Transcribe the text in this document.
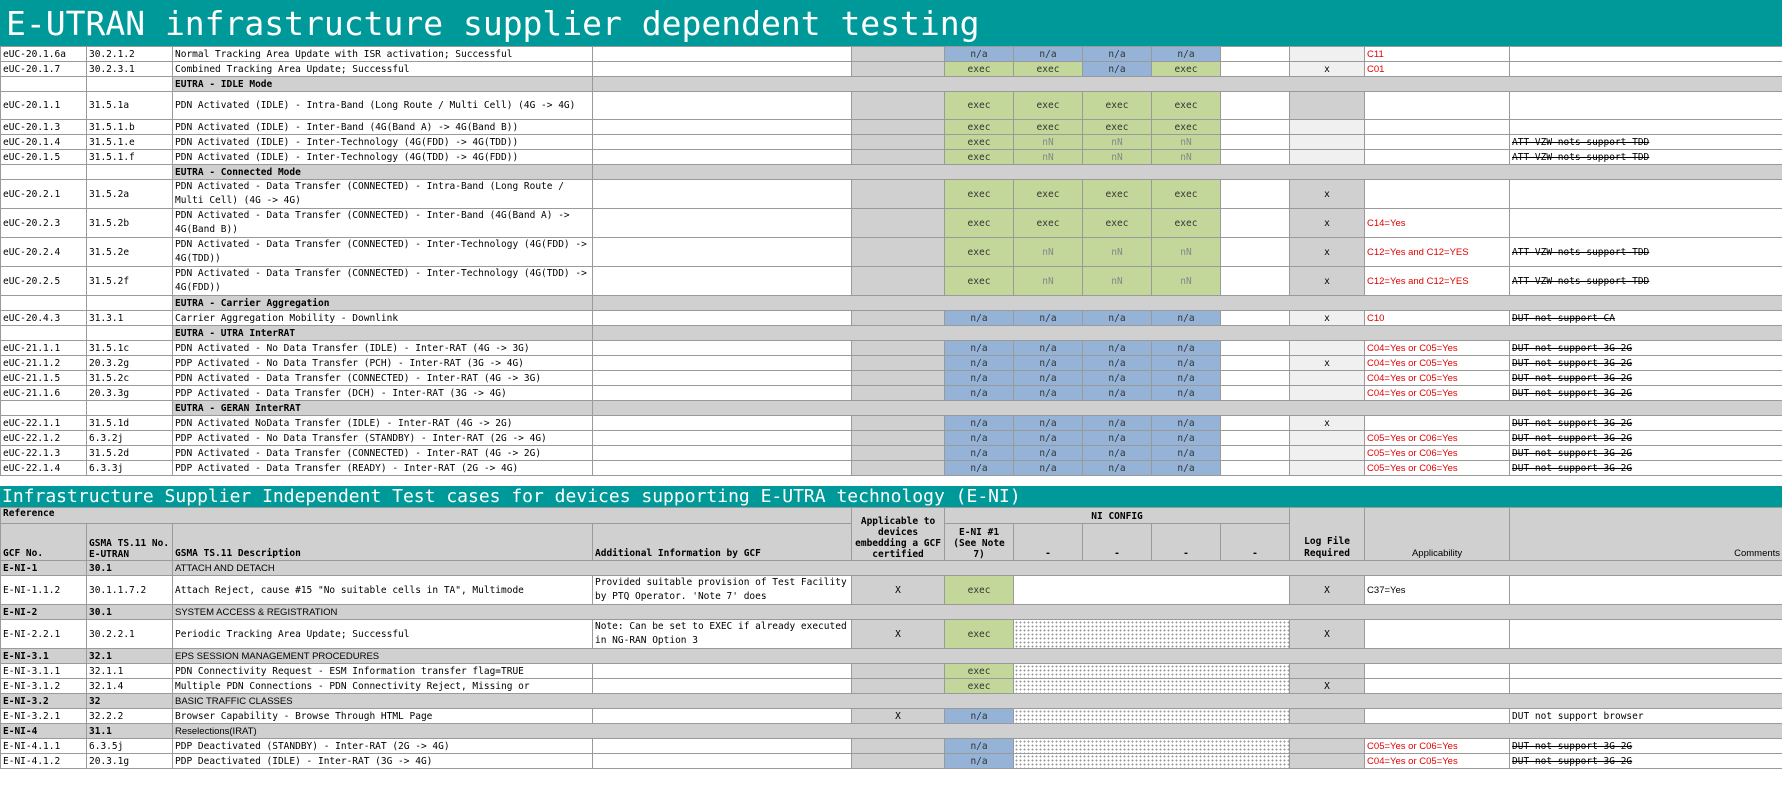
E-UTRAN infrastructure supplier dependent testing
eUC-20.1.6a	30.2.1.2	Normal Tracking Area Update with ISR activation; Successful			n/a	n/a	n/a	n/a			C11	
eUC-20.1.7	30.2.3.1	Combined Tracking Area Update; Successful			exec	exec	n/a	exec		x	C01	
		EUTRA - IDLE Mode										
eUC-20.1.1	31.5.1a	PDN Activated (IDLE) - Intra-Band (Long Route / Multi Cell) (4G -> 4G)			exec	exec	exec	exec				
eUC-20.1.3	31.5.1.b	PDN Activated (IDLE) - Inter-Band (4G(Band A) -> 4G(Band B))			exec	exec	exec	exec				
eUC-20.1.4	31.5.1.e	PDN Activated (IDLE) - Inter-Technology (4G(FDD) -> 4G(TDD))			exec	nN	nN	nN				ATT VZW nots support TDD
eUC-20.1.5	31.5.1.f	PDN Activated (IDLE) - Inter-Technology (4G(TDD) -> 4G(FDD))			exec	nN	nN	nN				ATT VZW nots support TDD
		EUTRA - Connected Mode										
eUC-20.2.1	31.5.2a	PDN Activated - Data Transfer (CONNECTED) - Intra-Band (Long Route / Multi Cell) (4G -> 4G)			exec	exec	exec	exec		x		
eUC-20.2.3	31.5.2b	PDN Activated - Data Transfer (CONNECTED) - Inter-Band (4G(Band A) -> 4G(Band B))			exec	exec	exec	exec		x	C14=Yes	
eUC-20.2.4	31.5.2e	PDN Activated - Data Transfer (CONNECTED) - Inter-Technology (4G(FDD) -> 4G(TDD))			exec	nN	nN	nN		x	C12=Yes and C12=YES	ATT VZW nots support TDD
eUC-20.2.5	31.5.2f	PDN Activated - Data Transfer (CONNECTED) - Inter-Technology (4G(TDD) -> 4G(FDD))			exec	nN	nN	nN		x	C12=Yes and C12=YES	ATT VZW nots support TDD
		EUTRA - Carrier Aggregation										
eUC-20.4.3	31.3.1	Carrier Aggregation Mobility - Downlink			n/a	n/a	n/a	n/a		x	C10	DUT not support CA
		EUTRA - UTRA InterRAT										
eUC-21.1.1	31.5.1c	PDN Activated - No Data Transfer (IDLE) - Inter-RAT (4G -> 3G)			n/a	n/a	n/a	n/a			C04=Yes or C05=Yes	DUT not support 3G 2G
eUC-21.1.2	20.3.2g	PDP Activated - No Data Transfer (PCH) - Inter-RAT (3G -> 4G)			n/a	n/a	n/a	n/a		x	C04=Yes or C05=Yes	DUT not support 3G 2G
eUC-21.1.5	31.5.2c	PDN Activated - Data Transfer (CONNECTED) - Inter-RAT (4G -> 3G)			n/a	n/a	n/a	n/a			C04=Yes or C05=Yes	DUT not support 3G 2G
eUC-21.1.6	20.3.3g	PDP Activated - Data Transfer (DCH) - Inter-RAT (3G -> 4G)			n/a	n/a	n/a	n/a			C04=Yes or C05=Yes	DUT not support 3G 2G
		EUTRA - GERAN InterRAT										
eUC-22.1.1	31.5.1d	PDN Activated NoData Transfer (IDLE) - Inter-RAT (4G -> 2G)			n/a	n/a	n/a	n/a		x		DUT not support 3G 2G
eUC-22.1.2	6.3.2j	PDP Activated - No Data Transfer (STANDBY) - Inter-RAT (2G -> 4G)			n/a	n/a	n/a	n/a			C05=Yes or C06=Yes	DUT not support 3G 2G
eUC-22.1.3	31.5.2d	PDN Activated - Data Transfer (CONNECTED) - Inter-RAT (4G -> 2G)			n/a	n/a	n/a	n/a			C05=Yes or C06=Yes	DUT not support 3G 2G
eUC-22.1.4	6.3.3j	PDP Activated - Data Transfer (READY) - Inter-RAT (2G -> 4G)			n/a	n/a	n/a	n/a			C05=Yes or C06=Yes	DUT not support 3G 2G
Infrastructure Supplier Independent Test cases for devices supporting E-UTRA technology (E-NI)
Reference				Applicable to devices embedding a GCF certified	NI CONFIG					Log File Required	Applicability	Comments
GCF No.	GSMA TS.11 No. E-UTRAN	GSMA TS.11 Description	Additional Information by GCF		E-NI #1 (See Note 7)	-	-	-	-			
E-NI-1	30.1	ATTACH AND DETACH										
E-NI-1.1.2	30.1.1.7.2	Attach Reject, cause #15 "No suitable cells in TA", Multimode	Provided suitable provision of Test Facility by PTQ Operator. 'Note 7' does	X	exec					X	C37=Yes	
E-NI-2	30.1	SYSTEM ACCESS & REGISTRATION										
E-NI-2.2.1	30.2.2.1	Periodic Tracking Area Update; Successful	Note: Can be set to EXEC if already executed in NG-RAN Option 3	X	exec					X		
E-NI-3.1	32.1	EPS SESSION MANAGEMENT PROCEDURES										
E-NI-3.1.1	32.1.1	PDN Connectivity Request - ESM Information transfer flag=TRUE			exec							
E-NI-3.1.2	32.1.4	Multiple PDN Connections - PDN Connectivity Reject, Missing or			exec					X		
E-NI-3.2	32	BASIC TRAFFIC CLASSES										
E-NI-3.2.1	32.2.2	Browser Capability - Browse Through HTML Page		X	n/a							DUT not support browser
E-NI-4	31.1	Reselections(IRAT)										
E-NI-4.1.1	6.3.5j	PDP Deactivated (STANDBY) - Inter-RAT (2G -> 4G)			n/a						C05=Yes or C06=Yes	DUT not support 3G 2G
E-NI-4.1.2	20.3.1g	PDP Deactivated (IDLE) - Inter-RAT (3G -> 4G)			n/a						C04=Yes or C05=Yes	DUT not support 3G 2G
